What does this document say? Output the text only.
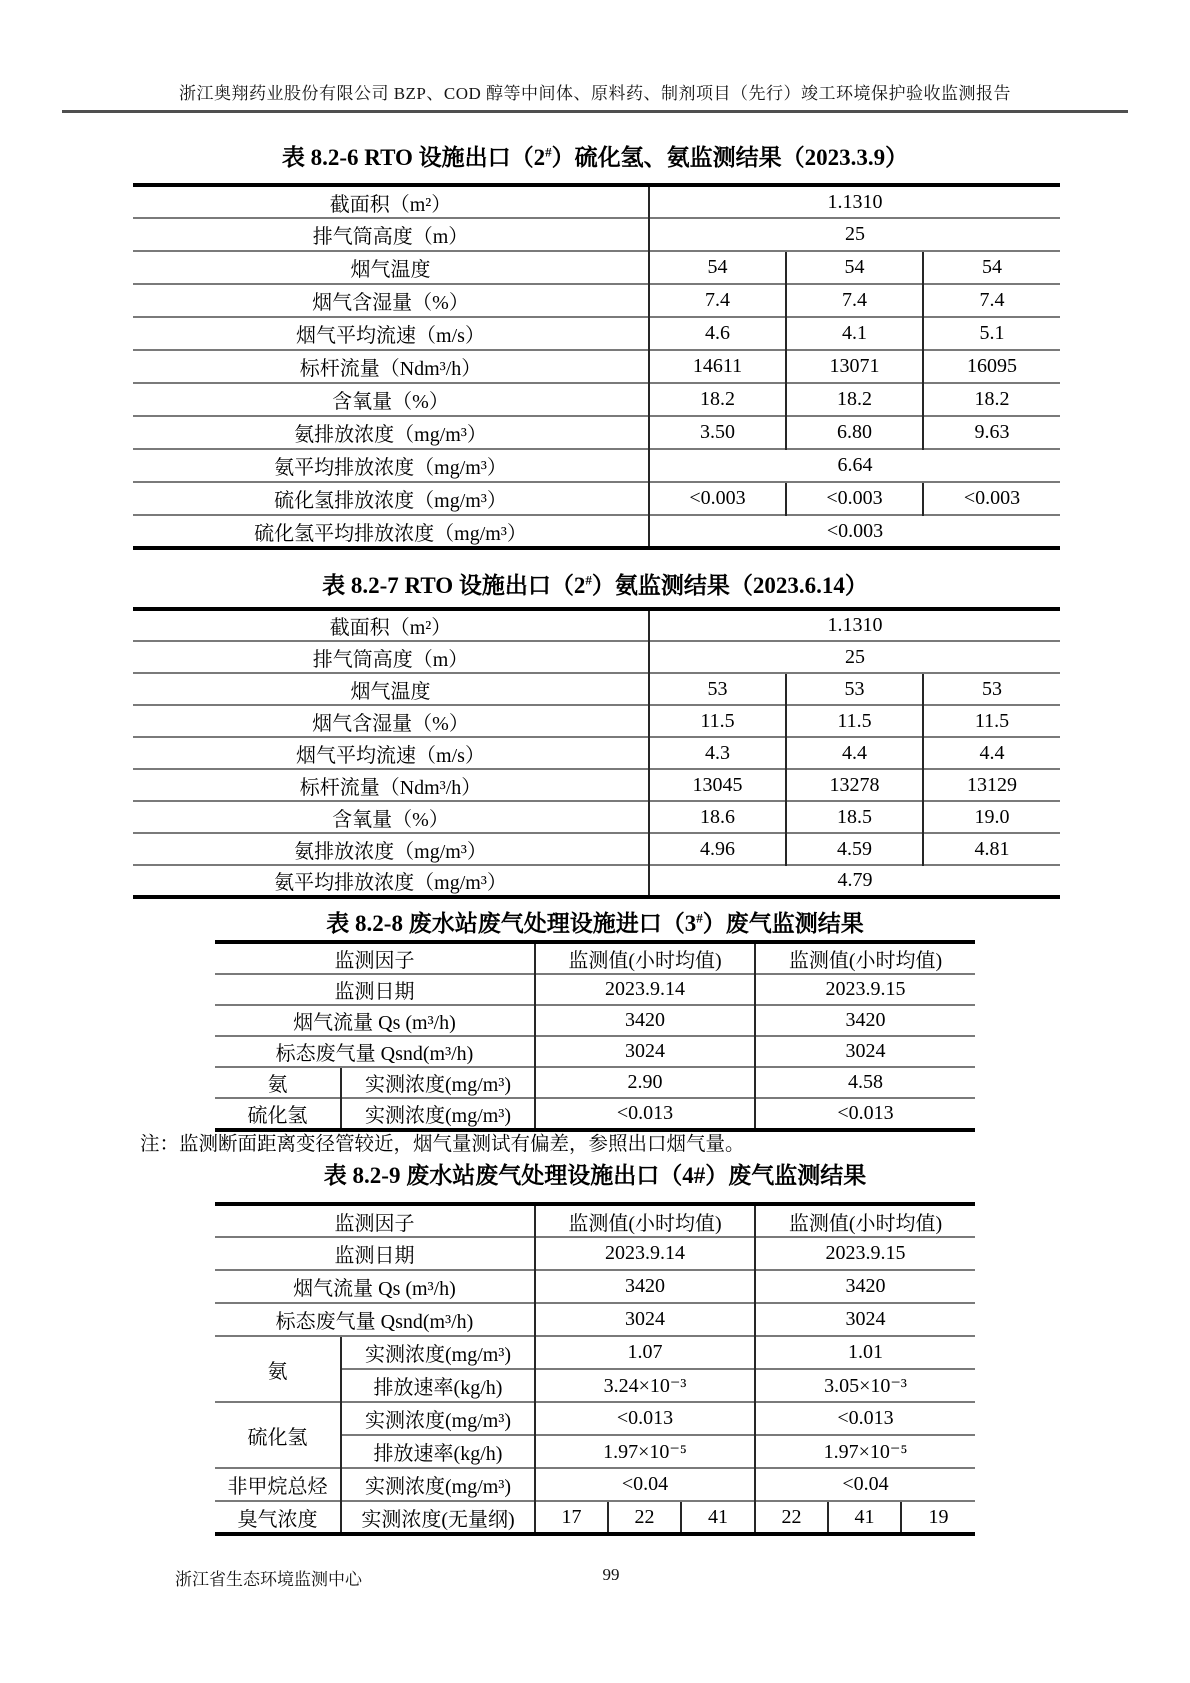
浙江奥翔药业股份有限公司 BZP、COD 醇等中间体、原料药、制剂项目（先行）竣工环境保护验收监测报告
表 8.2-6 RTO 设施出口（2#）硫化氢、氨监测结果（2023.3.9）
截面积（m²）	1.1310		
排气筒高度（m）	25		
烟气温度	54	54	54
烟气含湿量（%）	7.4	7.4	7.4
烟气平均流速（m/s）	4.6	4.1	5.1
标杆流量（Ndm³/h）	14611	13071	16095
含氧量（%）	18.2	18.2	18.2
氨排放浓度（mg/m³）	3.50	6.80	9.63
氨平均排放浓度（mg/m³）	6.64		
硫化氢排放浓度（mg/m³）	<0.003	<0.003	<0.003
硫化氢平均排放浓度（mg/m³）	<0.003		
表 8.2-7 RTO 设施出口（2#）氨监测结果（2023.6.14）
截面积（m²）	1.1310		
排气筒高度（m）	25		
烟气温度	53	53	53
烟气含湿量（%）	11.5	11.5	11.5
烟气平均流速（m/s）	4.3	4.4	4.4
标杆流量（Ndm³/h）	13045	13278	13129
含氧量（%）	18.6	18.5	19.0
氨排放浓度（mg/m³）	4.96	4.59	4.81
氨平均排放浓度（mg/m³）	4.79		
表 8.2-8 废水站废气处理设施进口（3#）废气监测结果
监测因子		监测值(小时均值)	监测值(小时均值)
监测日期		2023.9.14	2023.9.15
烟气流量 Qs (m³/h)		3420	3420
标态废气量 Qsnd(m³/h)		3024	3024
氨	实测浓度(mg/m³)	2.90	4.58
硫化氢	实测浓度(mg/m³)	<0.013	<0.013
注：监测断面距离变径管较近，烟气量测试有偏差，参照出口烟气量。
表 8.2-9 废水站废气处理设施出口（4#）废气监测结果
监测因子		监测值(小时均值)			监测值(小时均值)		
监测日期		2023.9.14			2023.9.15		
烟气流量 Qs (m³/h)		3420			3420		
标态废气量 Qsnd(m³/h)		3024			3024		
氨	实测浓度(mg/m³)	1.07			1.01		
	排放速率(kg/h)	3.24×10⁻³			3.05×10⁻³		
硫化氢	实测浓度(mg/m³)	<0.013			<0.013		
	排放速率(kg/h)	1.97×10⁻⁵			1.97×10⁻⁵		
非甲烷总烃	实测浓度(mg/m³)	<0.04			<0.04		
臭气浓度	实测浓度(无量纲)	17	22	41	22	41	19
浙江省生态环境监测中心	99
